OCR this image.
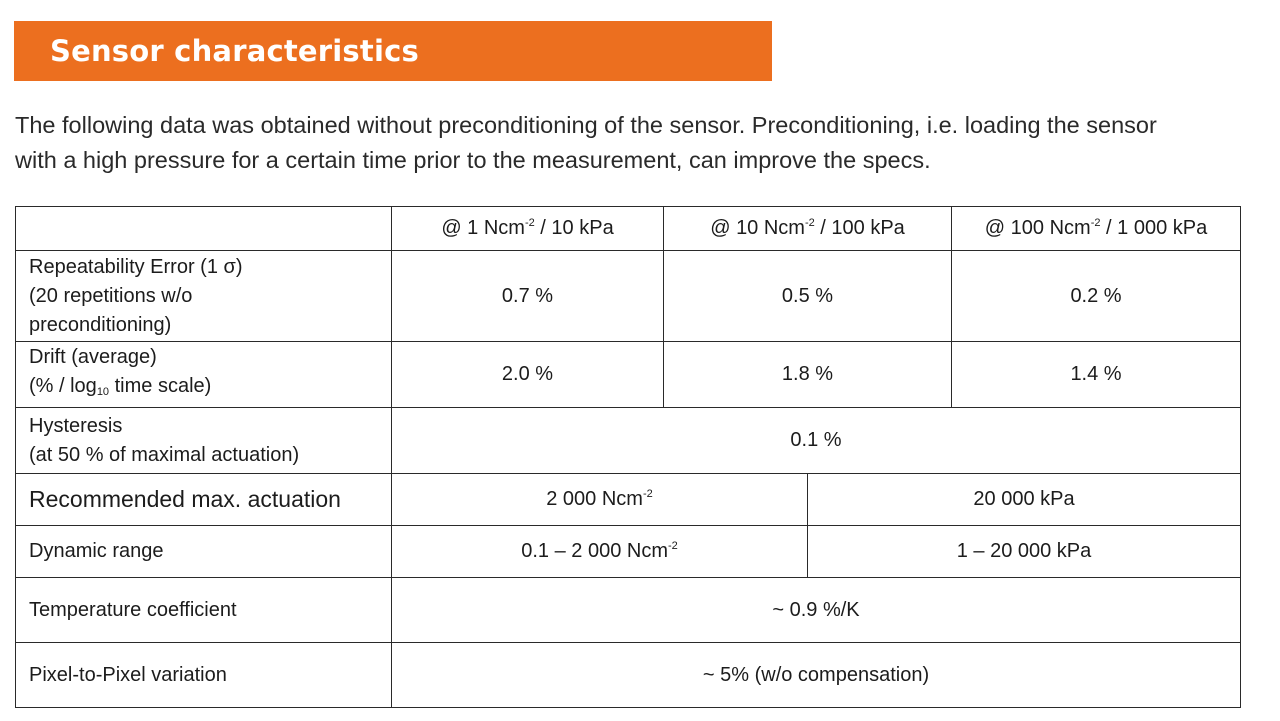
Sensor characteristics

The following data was obtained without preconditioning of the sensor. Preconditioning, i.e. loading the sensor

with a high pressure for a certain time prior to the measurement, can improve the specs.

	@ 1 Ncm$^{-2}$ / 10 kPa	@ 10 Ncm$^{-2}$ / 100 kPa		@ 100 Ncm$^{-2}$ / 1 000 kPa

Repeatability Error (1 σ)
(20 repetitions w/o
preconditioning)	0.7 %	0.5 %		0.2 %

Drift (average)
(% / $\log_{10}$ time scale)	2.0 %	1.8 %		1.4 %

Hysteresis
(at 50 % of maximal actuation)	0.1 %			
Recommended max. actuation	2 000 Ncm$^{-2}$		20 000 kPa	
Dynamic range	0.1 – 2 000 Ncm$^{-2}$		1 – 20 000 kPa	
Temperature coefficient	~ 0.9 %/K			
Pixel-to-Pixel variation	~ 5% (w/o compensation)			
